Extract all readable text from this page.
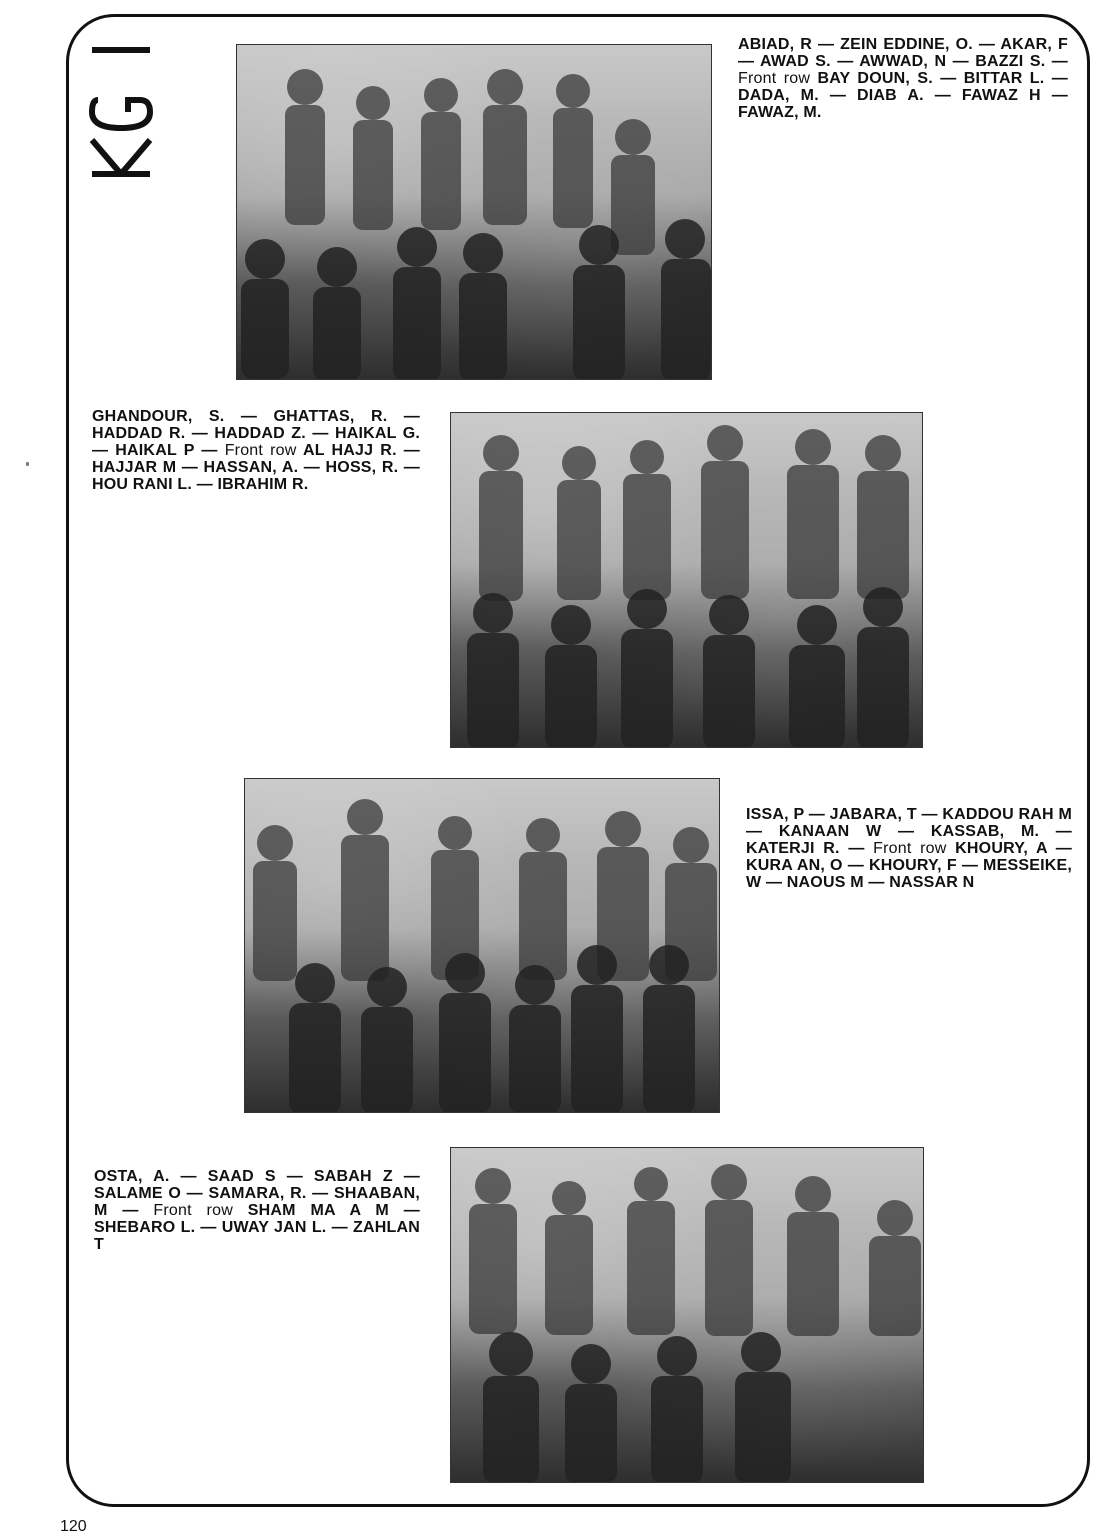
ABIAD, R — ZEIN EDDINE, O. — AKAR, F — AWAD S. — AWWAD, N — BAZZI S. — Front row BAY DOUN, S. — BITTAR L. — DADA, M. — DIAB A. — FAWAZ H — FAWAZ, M.
GHANDOUR, S. — GHATTAS, R. — HADDAD R. — HADDAD Z. — HAIKAL G. — HAIKAL P — Front row AL HAJJ R. — HAJJAR M — HASSAN, A. — HOSS, R. — HOU RANI L. — IBRAHIM R.
ISSA, P — JABARA, T — KADDOU RAH M — KANAAN W — KASSAB, M. — KATERJI R. — Front row KHOURY, A — KURA AN, O — KHOURY, F — MESSEIKE, W — NAOUS M — NASSAR N
OSTA, A. — SAAD S — SABAH Z — SALAME O — SAMARA, R. — SHAABAN, M — Front row SHAM MA A M — SHEBARO L. — UWAY JAN L. — ZAHLAN T
120
